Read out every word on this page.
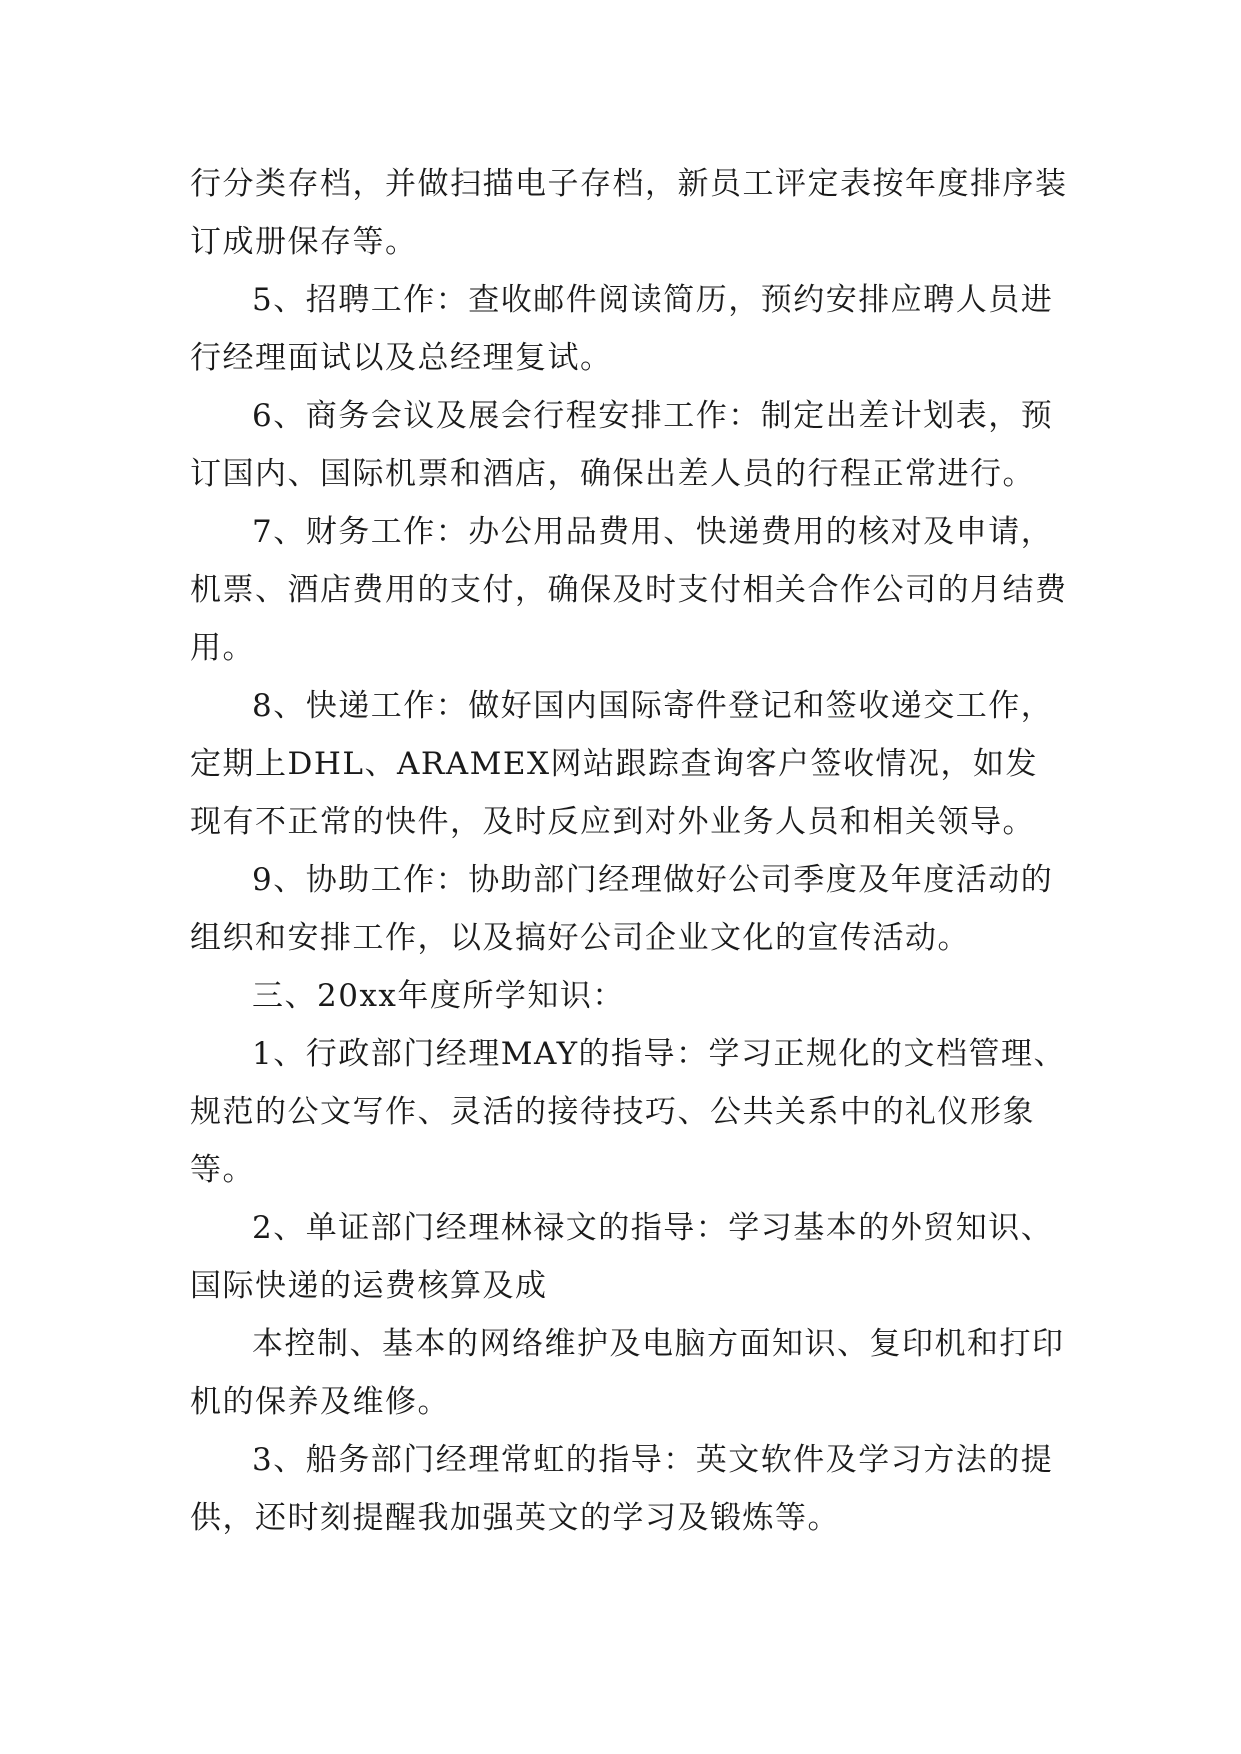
行分类存档，并做扫描电子存档，新员工评定表按年度排序装订成册保存等。

5、招聘工作：查收邮件阅读简历，预约安排应聘人员进行经理面试以及总经理复试。

6、商务会议及展会行程安排工作：制定出差计划表，预订国内、国际机票和酒店，确保出差人员的行程正常进行。

7、财务工作：办公用品费用、快递费用的核对及申请，机票、酒店费用的支付，确保及时支付相关合作公司的月结费用。

8、快递工作：做好国内国际寄件登记和签收递交工作，定期上DHL、ARAMEX网站跟踪查询客户签收情况，如发现有不正常的快件，及时反应到对外业务人员和相关领导。

9、协助工作：协助部门经理做好公司季度及年度活动的组织和安排工作，以及搞好公司企业文化的宣传活动。

三、20xx年度所学知识：

1、行政部门经理MAY的指导：学习正规化的文档管理、规范的公文写作、灵活的接待技巧、公共关系中的礼仪形象等。

2、单证部门经理林禄文的指导：学习基本的外贸知识、国际快递的运费核算及成

本控制、基本的网络维护及电脑方面知识、复印机和打印机的保养及维修。

3、船务部门经理常虹的指导：英文软件及学习方法的提供，还时刻提醒我加强英文的学习及锻炼等。
